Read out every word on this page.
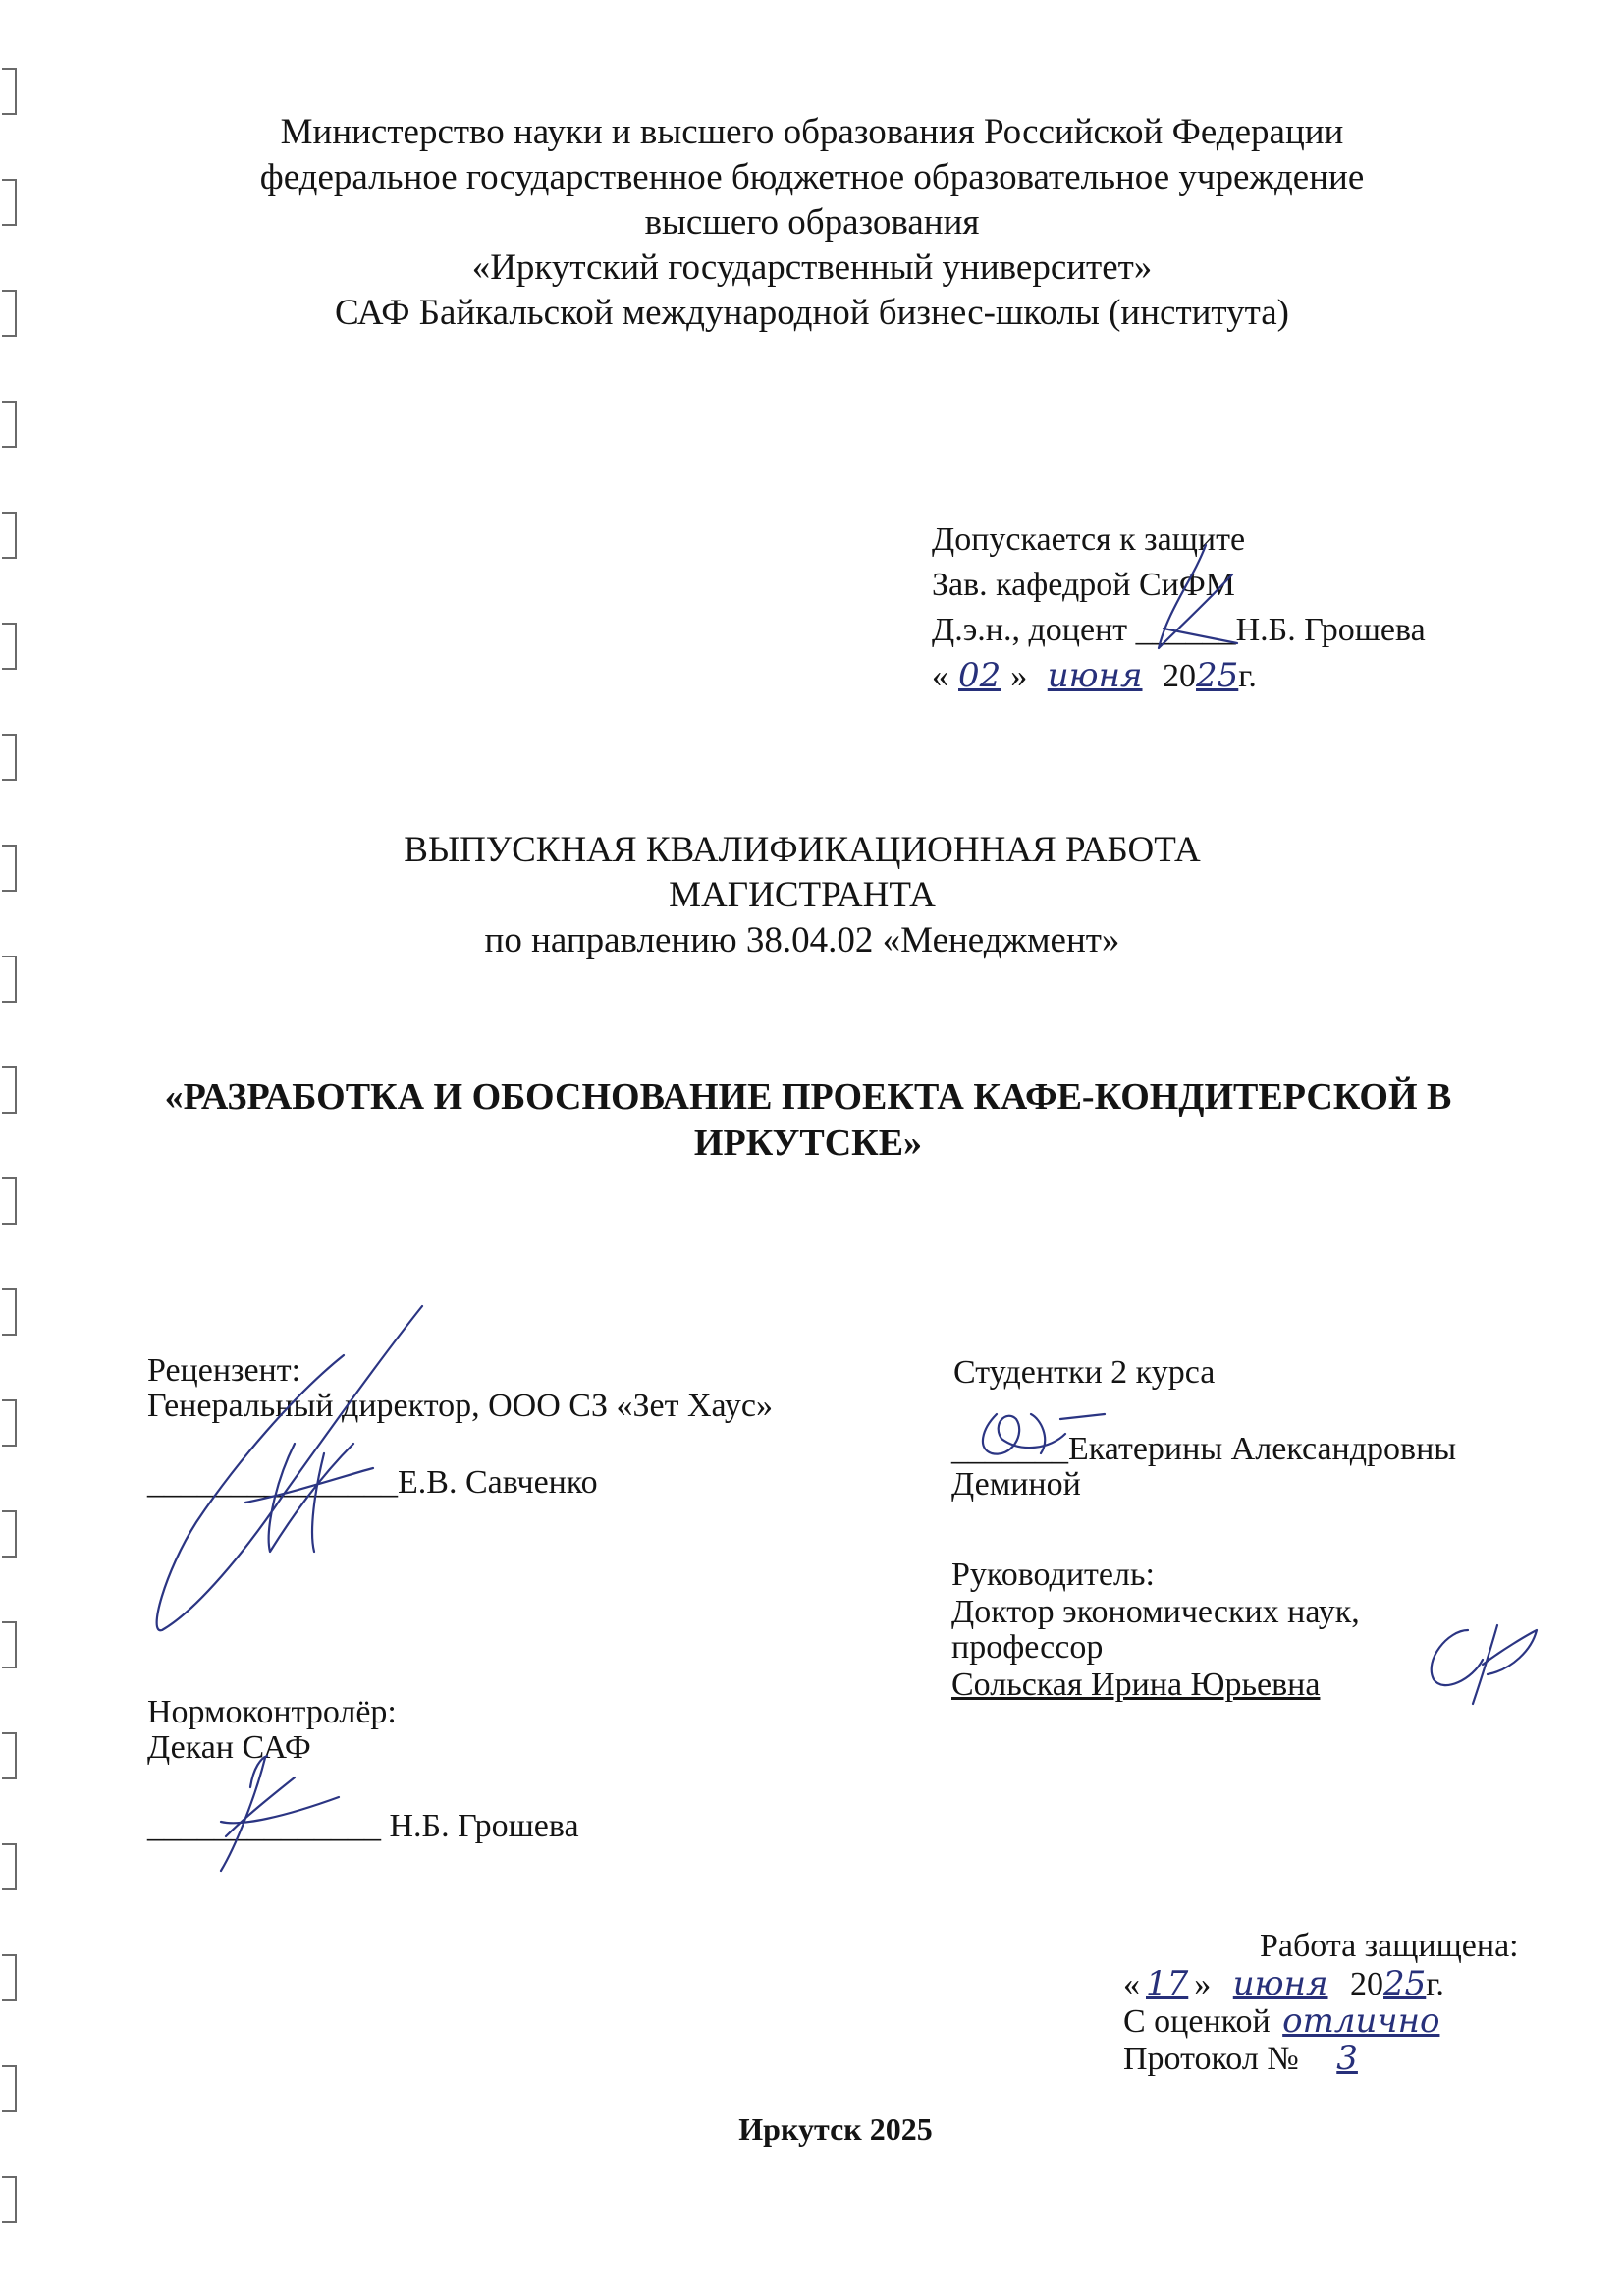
Министерство науки и высшего образования Российской Федерации
федеральное государственное бюджетное образовательное учреждение
высшего образования
«Иркутский государственный университет»
САФ Байкальской международной бизнес-школы (института)
Допускается к защите
Зав. кафедрой СиФМ
Д.э.н., доцент ______Н.Б. Грошева
« 02 » июня 2025г.
ВЫПУСКНАЯ КВАЛИФИКАЦИОННАЯ РАБОТА
МАГИСТРАНТА
по направлению 38.04.02 «Менеджмент»
«РАЗРАБОТКА И ОБОСНОВАНИЕ ПРОЕКТА КАФЕ-КОНДИТЕРСКОЙ В
ИРКУТСКЕ»
Рецензент:
Генеральный директор, ООО СЗ «Зет Хаус»
_______________Е.В. Савченко
Студентки 2 курса
_______Екатерины Александровны
Деминой
Руководитель:
Доктор экономических наук,
профессор
Сольская Ирина Юрьевна
Нормоконтролёр:
Декан САФ
______________ Н.Б. Грошева
Работа защищена:
« 17 » июня 2025г.
С оценкой отлично
Протокол № 3
Иркутск 2025
